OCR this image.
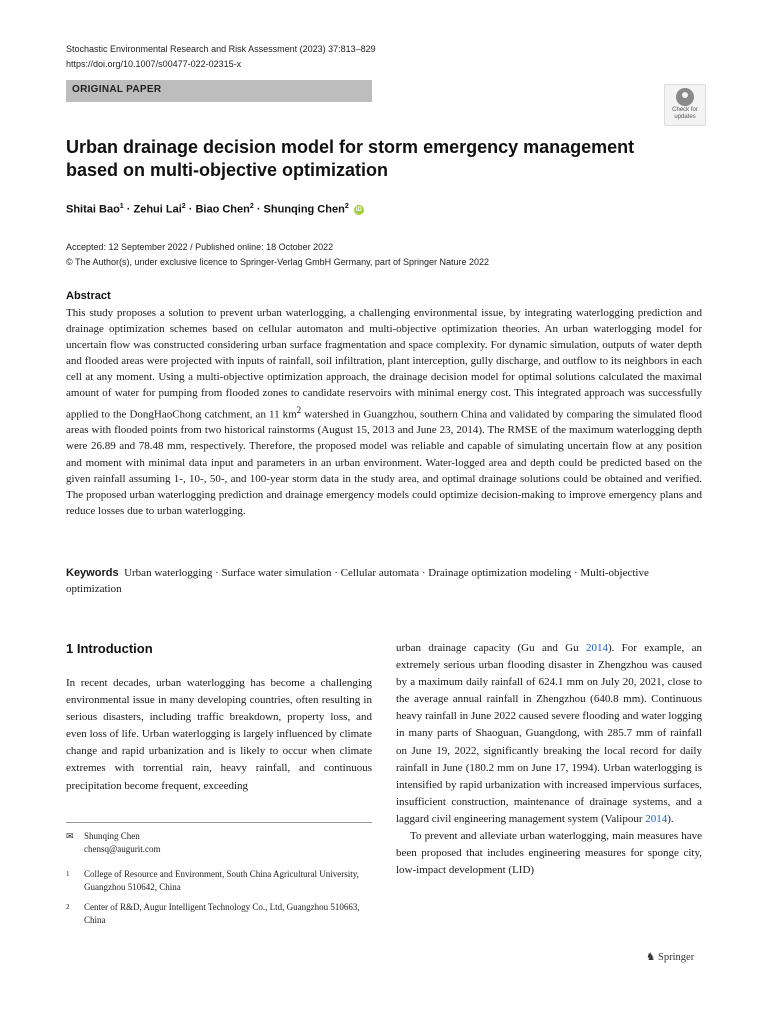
Stochastic Environmental Research and Risk Assessment (2023) 37:813–829
https://doi.org/10.1007/s00477-022-02315-x
ORIGINAL PAPER
Check for
updates
Urban drainage decision model for storm emergency management
based on multi-objective optimization
Shitai Bao$^1$ · Zehui Lai$^2$ · Biao Chen$^2$ · Shunqing Chen$^2$ iD
Accepted: 12 September 2022 / Published online: 18 October 2022
© The Author(s), under exclusive licence to Springer-Verlag GmbH Germany, part of Springer Nature 2022
Abstract
This study proposes a solution to prevent urban waterlogging, a challenging environmental issue, by integrating waterlogging prediction and drainage optimization schemes based on cellular automaton and multi-objective optimization theories. An urban waterlogging model for uncertain flow was constructed considering urban surface fragmentation and space complexity. For dynamic simulation, outputs of water depth and flooded areas were projected with inputs of rainfall, soil infiltration, plant interception, gully discharge, and outflow to its neighbors in each cell at any moment. Using a multi-objective optimization approach, the drainage decision model for optimal solutions calculated the maximal amount of water for pumping from flooded zones to candidate reservoirs with minimal energy cost. This integrated approach was successfully applied to the DongHaoChong catchment, an 11 $km^2$ watershed in Guangzhou, southern China and validated by comparing the simulated flood areas with flooded points from two historical rainstorms (August 15, 2013 and June 23, 2014). The RMSE of the maximum waterlogging depth were 26.89 and 78.48 mm, respectively. Therefore, the proposed model was reliable and capable of simulating uncertain flow at any position and moment with minimal data input and parameters in an urban environment. Water-logged area and depth could be predicted based on the given rainfall assuming 1-, 10-, 50-, and 100-year storm data in the study area, and optimal drainage solutions could be obtained and verified. The proposed urban waterlogging prediction and drainage emergency models could optimize decision-making to improve emergency plans and reduce losses due to urban waterlogging.
Keywords Urban waterlogging · Surface water simulation · Cellular automata · Drainage optimization modeling · Multi-objective optimization
1 Introduction

In recent decades, urban waterlogging has become a challenging environmental issue in many developing countries, often resulting in serious disasters, including traffic breakdown, property loss, and even loss of life. Urban waterlogging is largely influenced by climate change and rapid urbanization and is likely to occur when climate extremes with torrential rain, heavy rainfall, and continuous precipitation become frequent, exceeding

urban drainage capacity (Gu and Gu 2014). For example, an extremely serious urban flooding disaster in Zhengzhou was caused by a maximum daily rainfall of 624.1 mm on July 20, 2021, close to the average annual rainfall in Zhengzhou (640.8 mm). Continuous heavy rainfall in June 2022 caused severe flooding and water logging in many parts of Shaoguan, Guangdong, with 285.7 mm of rainfall on June 19, 2022, significantly breaking the local record for daily rainfall in June (180.2 mm on June 17, 1994). Urban waterlogging is intensified by rapid urbanization with increased impervious surfaces, insufficient construction, maintenance of drainage systems, and a laggard civil engineering management system (Valipour 2014).

To prevent and alleviate urban waterlogging, main measures have been proposed that includes engineering measures for sponge city, low-impact development (LID)

✉ Shunqing Chen
chensq@augurit.com
1 College of Resource and Environment, South China Agricultural University, Guangzhou 510642, China
2 Center of R&D, Augur Intelligent Technology Co., Ltd, Guangzhou 510663, China
♞ Springer
